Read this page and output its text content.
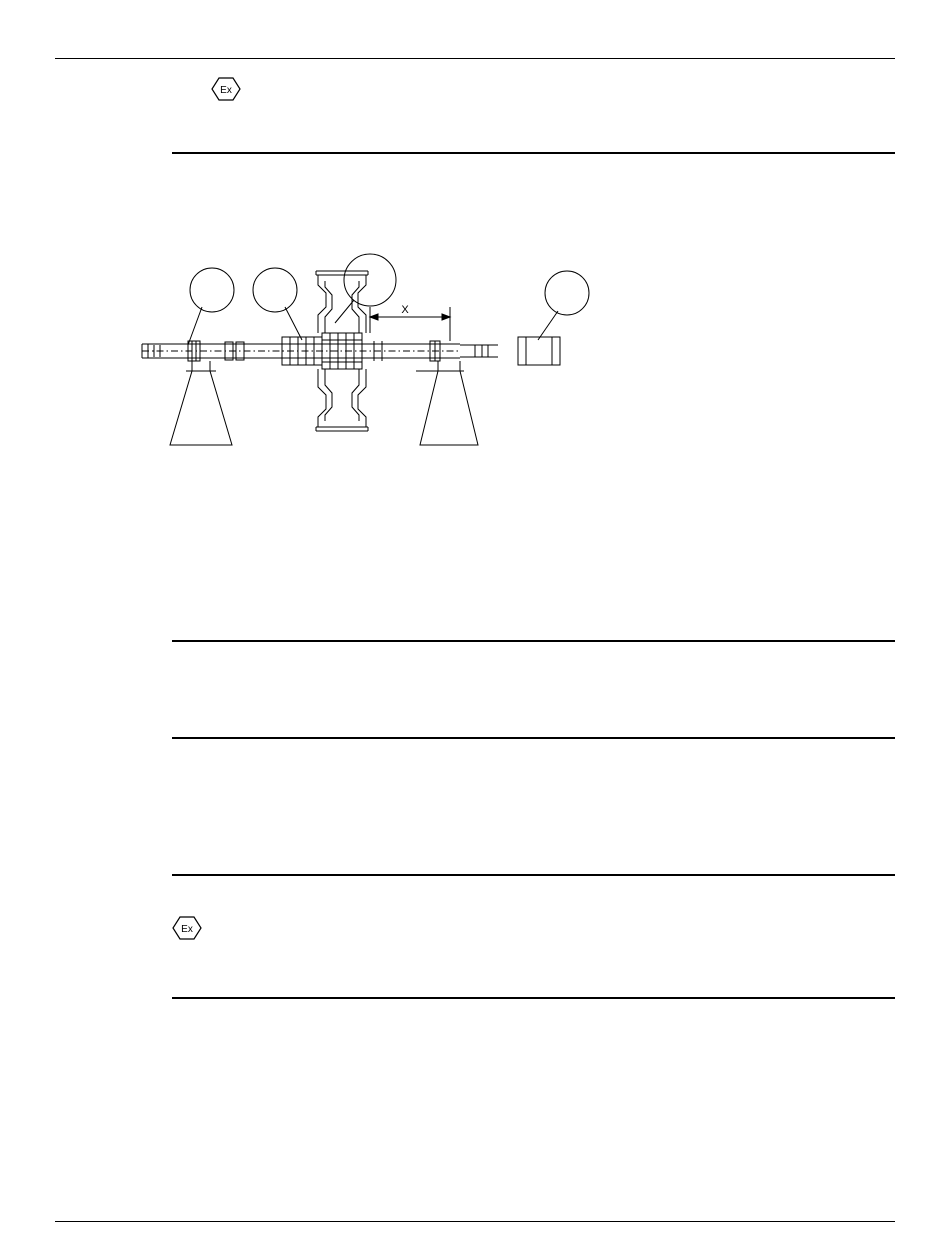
Ex
Ex
X
